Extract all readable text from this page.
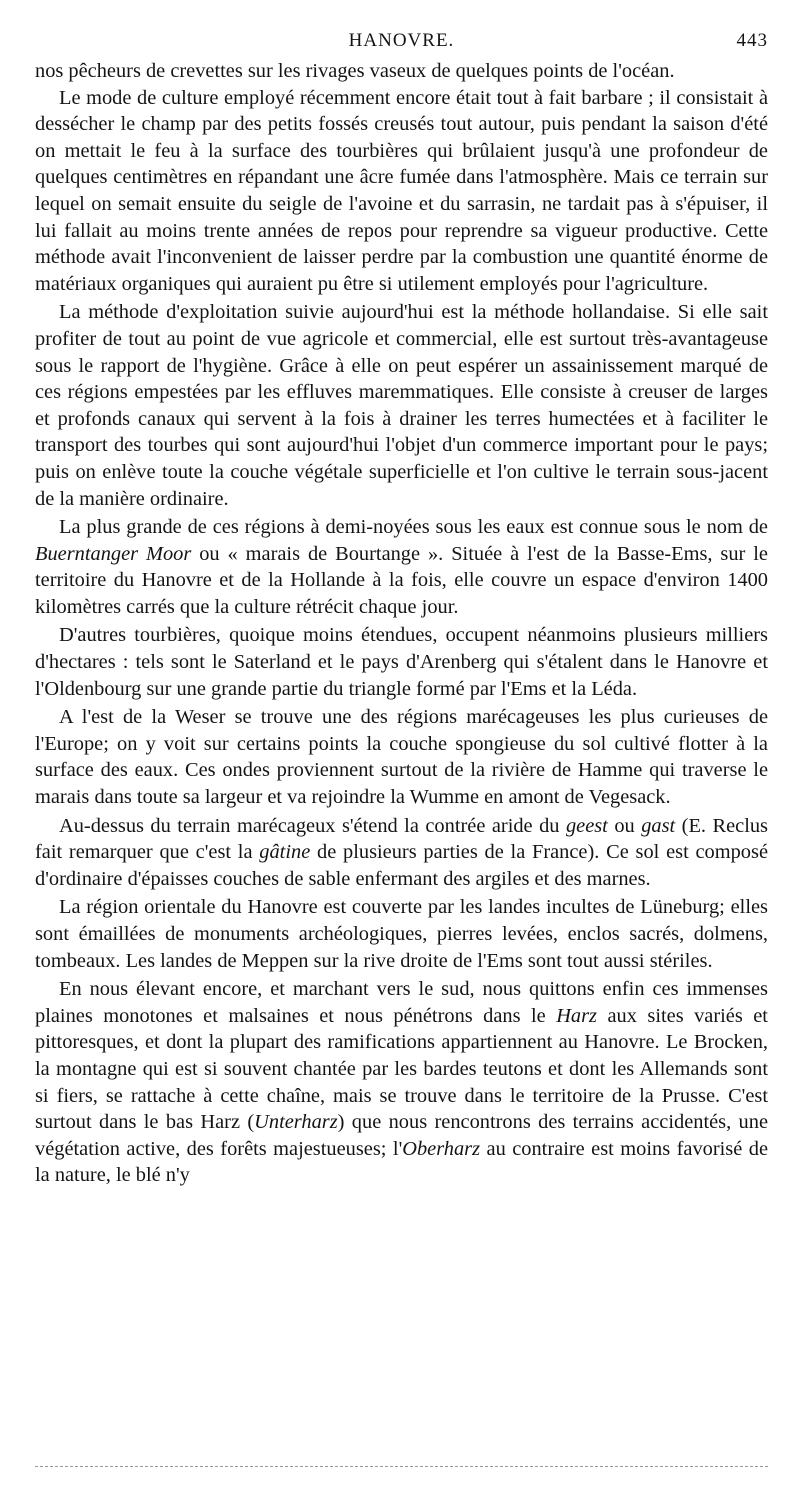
HANOVRE.	443

nos pêcheurs de crevettes sur les rivages vaseux de quelques points de l'océan.

Le mode de culture employé récemment encore était tout à fait barbare ; il consistait à dessécher le champ par des petits fossés creusés tout autour, puis pendant la saison d'été on mettait le feu à la surface des tourbières qui brûlaient jusqu'à une profondeur de quelques centimètres en répandant une âcre fumée dans l'atmosphère. Mais ce terrain sur lequel on semait ensuite du seigle de l'avoine et du sarrasin, ne tardait pas à s'épuiser, il lui fallait au moins trente années de repos pour reprendre sa vigueur productive. Cette méthode avait l'inconvenient de laisser perdre par la combustion une quantité énorme de matériaux organiques qui auraient pu être si utilement employés pour l'agriculture.

La méthode d'exploitation suivie aujourd'hui est la méthode hollandaise. Si elle sait profiter de tout au point de vue agricole et commercial, elle est surtout très-avantageuse sous le rapport de l'hygiène. Grâce à elle on peut espérer un assainissement marqué de ces régions empestées par les effluves maremmatiques. Elle consiste à creuser de larges et profonds canaux qui servent à la fois à drainer les terres humectées et à faciliter le transport des tourbes qui sont aujourd'hui l'objet d'un commerce important pour le pays; puis on enlève toute la couche végétale superficielle et l'on cultive le terrain sous-jacent de la manière ordinaire.

La plus grande de ces régions à demi-noyées sous les eaux est connue sous le nom de Buerntanger Moor ou « marais de Bourtange ». Située à l'est de la Basse-Ems, sur le territoire du Hanovre et de la Hollande à la fois, elle couvre un espace d'environ 1400 kilomètres carrés que la culture rétrécit chaque jour.

D'autres tourbières, quoique moins étendues, occupent néanmoins plusieurs milliers d'hectares : tels sont le Saterland et le pays d'Arenberg qui s'étalent dans le Hanovre et l'Oldenbourg sur une grande partie du triangle formé par l'Ems et la Léda.

A l'est de la Weser se trouve une des régions marécageuses les plus curieuses de l'Europe; on y voit sur certains points la couche spongieuse du sol cultivé flotter à la surface des eaux. Ces ondes proviennent surtout de la rivière de Hamme qui traverse le marais dans toute sa largeur et va rejoindre la Wumme en amont de Vegesack.

Au-dessus du terrain marécageux s'étend la contrée aride du geest ou gast (E. Reclus fait remarquer que c'est la gâtine de plusieurs parties de la France). Ce sol est composé d'ordinaire d'épaisses couches de sable enfermant des argiles et des marnes.

La région orientale du Hanovre est couverte par les landes incultes de Lüneburg; elles sont émaillées de monuments archéologiques, pierres levées, enclos sacrés, dolmens, tombeaux. Les landes de Meppen sur la rive droite de l'Ems sont tout aussi stériles.

En nous élevant encore, et marchant vers le sud, nous quittons enfin ces immenses plaines monotones et malsaines et nous pénétrons dans le Harz aux sites variés et pittoresques, et dont la plupart des ramifications appartiennent au Hanovre. Le Brocken, la montagne qui est si souvent chantée par les bardes teutons et dont les Allemands sont si fiers, se rattache à cette chaîne, mais se trouve dans le territoire de la Prusse. C'est surtout dans le bas Harz (Unterharz) que nous rencontrons des terrains accidentés, une végétation active, des forêts majestueuses; l'Oberharz au contraire est moins favorisé de la nature, le blé n'y
